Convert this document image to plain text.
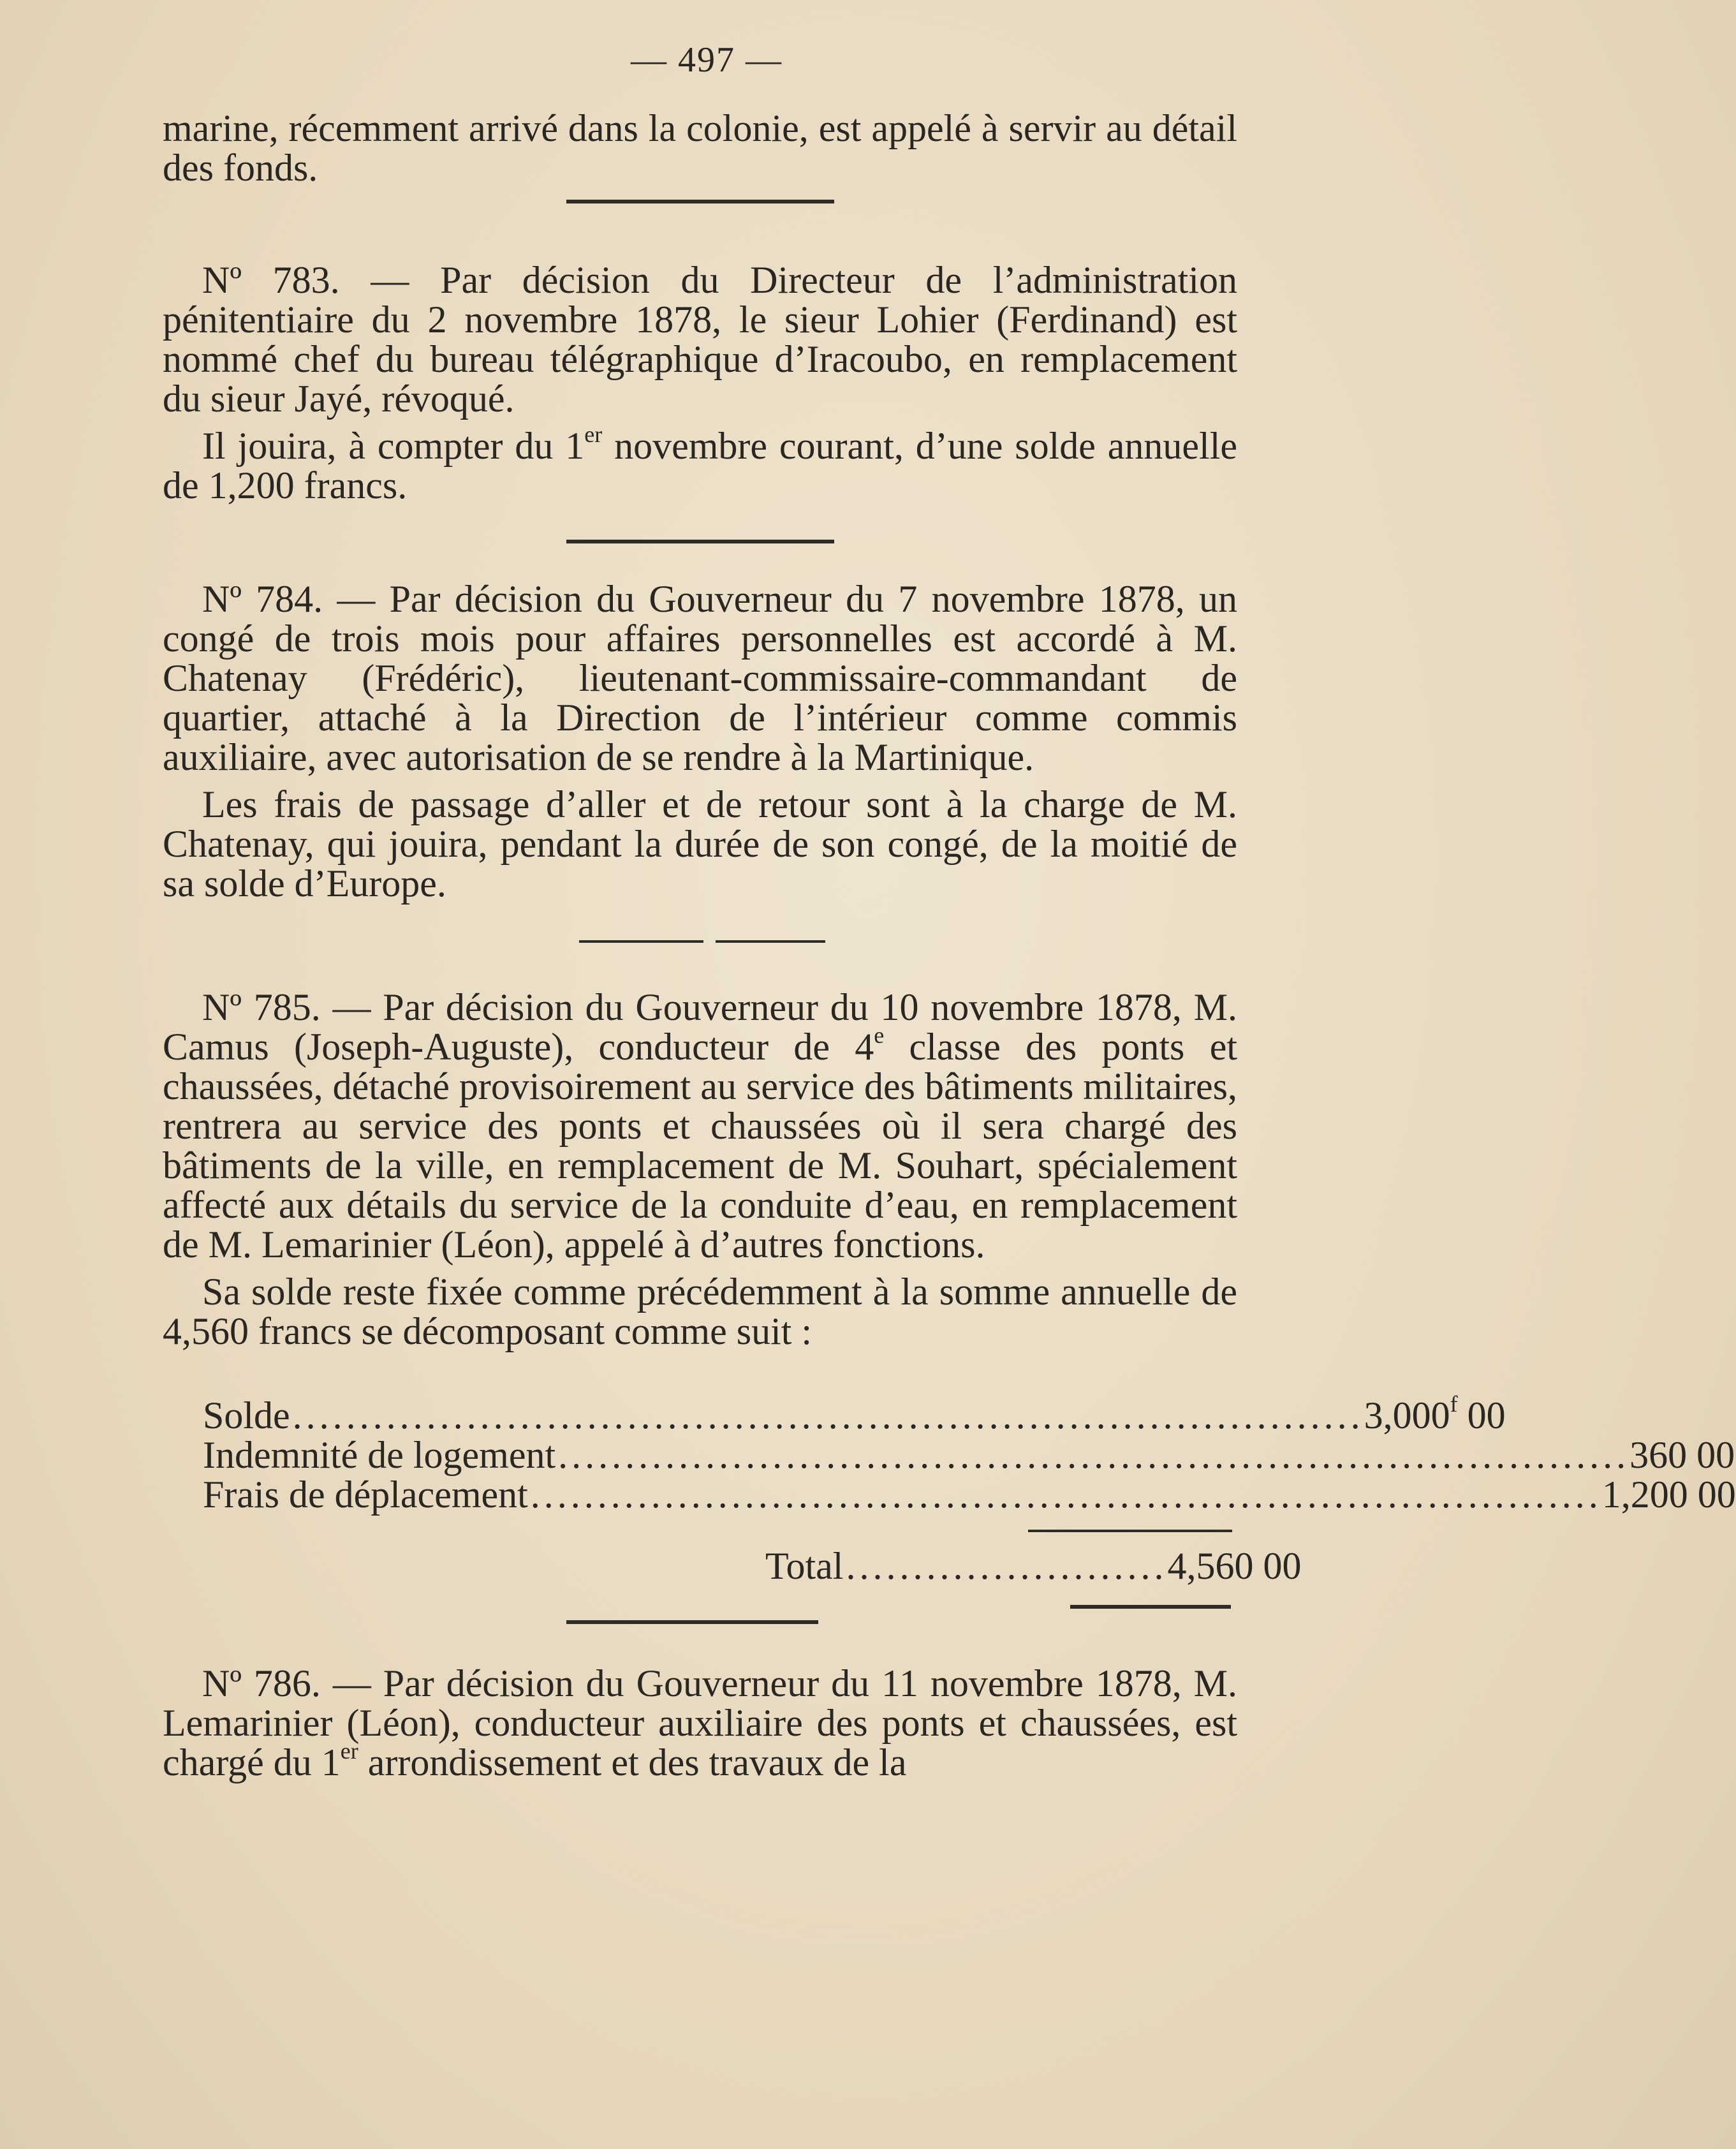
— 497 —

marine, récemment arrivé dans la colonie, est appelé à servir au détail des fonds.

Nº 783. — Par décision du Directeur de l’administration pénitentiaire du 2 novembre 1878, le sieur Lohier (Ferdinand) est nommé chef du bureau télégraphique d’Iracoubo, en remplacement du sieur Jayé, révoqué.

Il jouira, à compter du 1er novembre courant, d’une solde annuelle de 1,200 francs.

Nº 784. — Par décision du Gouverneur du 7 novembre 1878, un congé de trois mois pour affaires personnelles est accordé à M. Chatenay (Frédéric), lieutenant-commissaire-commandant de quartier, attaché à la Direction de l’intérieur comme commis auxiliaire, avec autorisation de se rendre à la Martinique.

Les frais de passage d’aller et de retour sont à la charge de M. Chatenay, qui jouira, pendant la durée de son congé, de la moitié de sa solde d’Europe.

Nº 785. — Par décision du Gouverneur du 10 novembre 1878, M. Camus (Joseph-Auguste), conducteur de 4e classe des ponts et chaussées, détaché provisoirement au service des bâtiments militaires, rentrera au service des ponts et chaussées où il sera chargé des bâtiments de la ville, en remplacement de M. Souhart, spécialement affecté aux détails du service de la conduite d’eau, en remplacement de M. Lemarinier (Léon), appelé à d’autres fonctions.

Sa solde reste fixée comme précédemment à la somme annuelle de 4,560 francs se décomposant comme suit :

Solde ................................................................................ 3,000$^f$ 00
Indemnité de logement ................................................................................ 360 00
Frais de déplacement ................................................................................ 1,200 00
Total ........................ 4,560 00

Nº 786. — Par décision du Gouverneur du 11 novembre 1878, M. Lemarinier (Léon), conducteur auxiliaire des ponts et chaussées, est chargé du 1er arrondissement et des travaux de la
